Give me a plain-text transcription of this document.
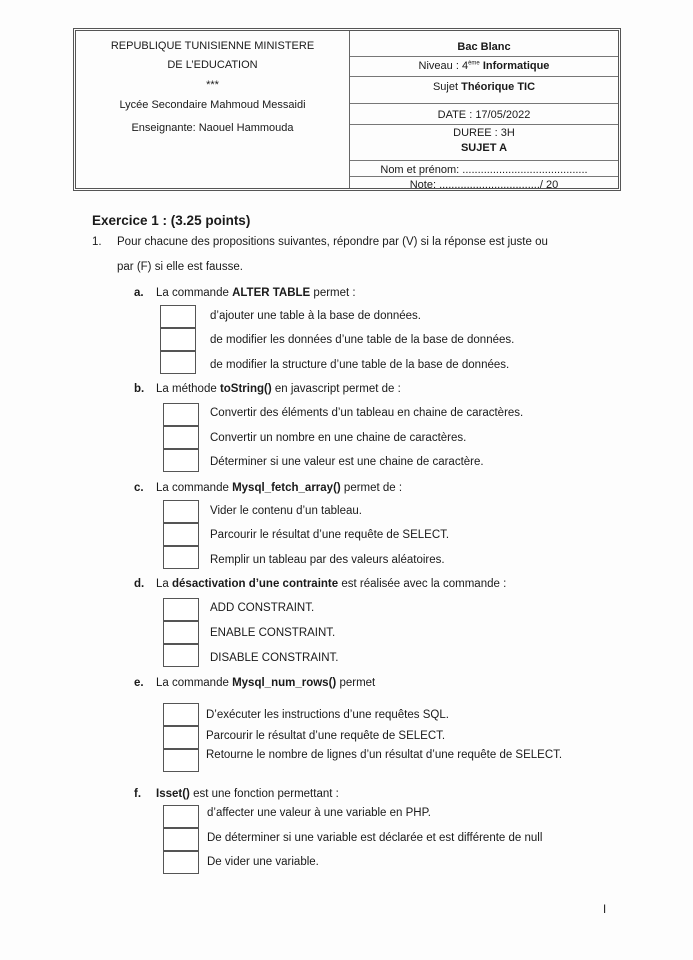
REPUBLIQUE TUNISIENNE MINISTERE
DE L’EDUCATION
***
Lycée Secondaire Mahmoud Messaidi
Enseignante: Naouel Hammouda
Bac Blanc
Niveau : 4ème Informatique
Sujet Théorique TIC
DATE : 17/05/2022
DUREE : 3H
SUJET A
Nom et prénom: .........................................
Note: ................................./ 20
Exercice 1 : (3.25 points)
1. Pour chacune des propositions suivantes, répondre par (V) si la réponse est juste ou
par (F) si elle est fausse.
a. La commande ALTER TABLE permet :
d’ajouter une table à la base de données.
de modifier les données d’une table de la base de données.
de modifier la structure d’une table de la base de données.
b. La méthode toString() en javascript permet de :
Convertir des éléments d’un tableau en chaine de caractères.
Convertir un nombre en une chaine de caractères.
Déterminer si une valeur est une chaine de caractère.
c. La commande Mysql_fetch_array() permet de :
Vider le contenu d’un tableau.
Parcourir le résultat d’une requête de SELECT.
Remplir un tableau par des valeurs aléatoires.
d. La désactivation d’une contrainte est réalisée avec la commande :
ADD CONSTRAINT.
ENABLE CONSTRAINT.
DISABLE CONSTRAINT.
e. La commande Mysql_num_rows() permet
D’exécuter les instructions d’une requêtes SQL.
Parcourir le résultat d’une requête de SELECT.
Retourne le nombre de lignes d’un résultat d’une requête de SELECT.
f. Isset() est une fonction permettant :
d’affecter une valeur à une variable en PHP.
De déterminer si une variable est déclarée et est différente de null
De vider une variable.
I
